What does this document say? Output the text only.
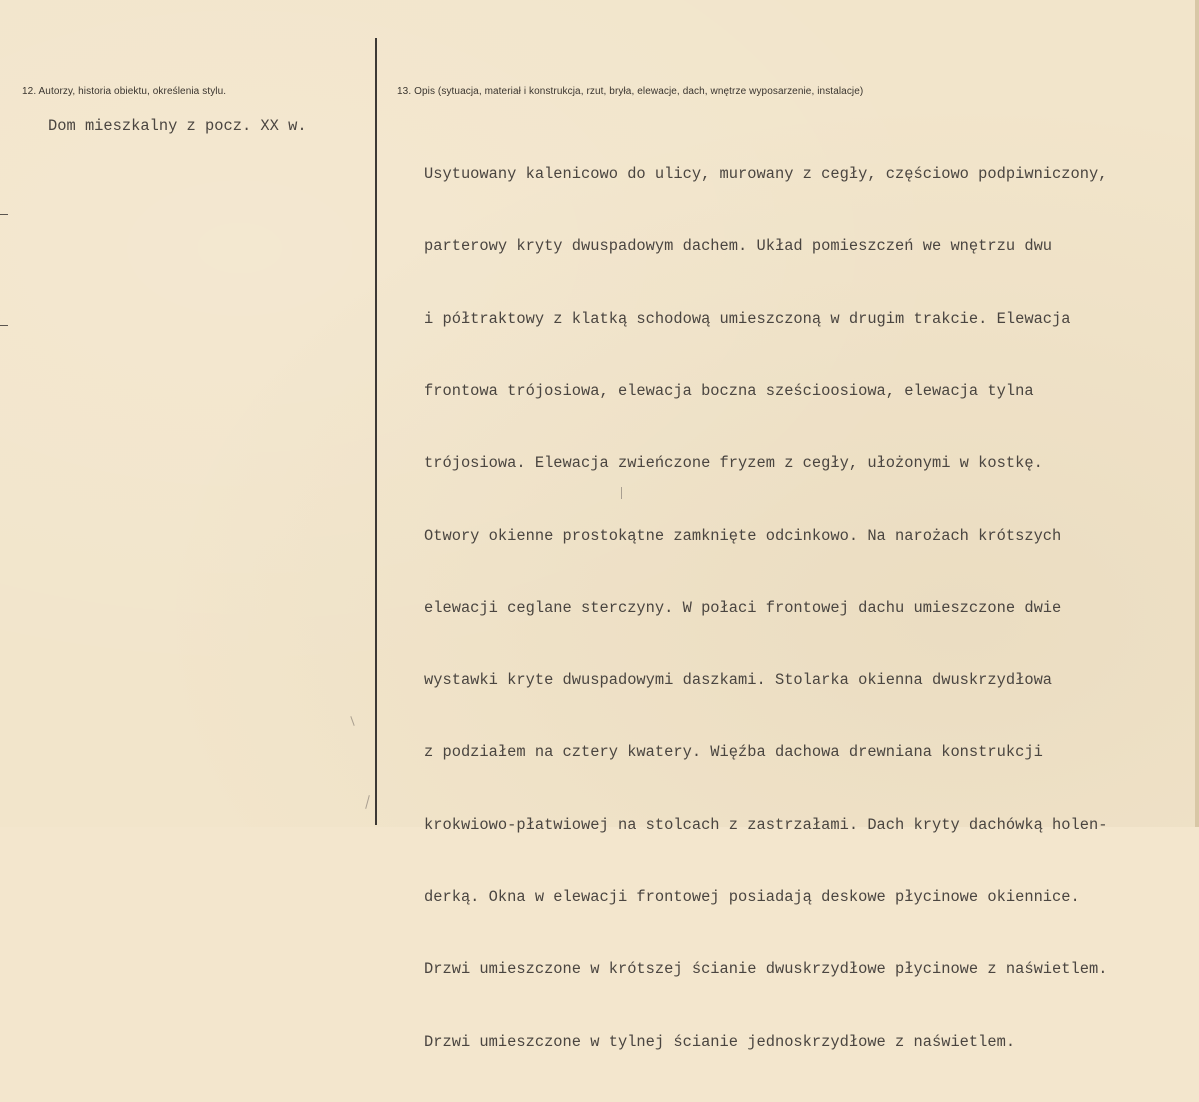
12. Autorzy, historia obiektu, określenia stylu.
Dom mieszkalny z pocz. XX w.
13. Opis (sytuacja, materiał i konstrukcja, rzut, bryła, elewacje, dach, wnętrze wyposarzenie, instalacje)

Usytuowany kalenicowo do ulicy, murowany z cegły, częściowo podpiwniczony,

parterowy kryty dwuspadowym dachem. Układ pomieszczeń we wnętrzu dwu

i półtraktowy z klatką schodową umieszczoną w drugim trakcie. Elewacja

frontowa trójosiowa, elewacja boczna sześcioosiowa, elewacja tylna

trójosiowa. Elewacja zwieńczone fryzem z cegły, ułożonymi w kostkę.

Otwory okienne prostokątne zamknięte odcinkowo. Na narożach krótszych

elewacji ceglane sterczyny. W połaci frontowej dachu umieszczone dwie

wystawki kryte dwuspadowymi daszkami. Stolarka okienna dwuskrzydłowa

z podziałem na cztery kwatery. Więźba dachowa drewniana konstrukcji

krokwiowo-płatwiowej na stolcach z zastrzałami. Dach kryty dachówką holen-

derką. Okna w elewacji frontowej posiadają deskowe płycinowe okiennice.

Drzwi umieszczone w krótszej ścianie dwuskrzydłowe płycinowe z naświetlem.

Drzwi umieszczone w tylnej ścianie jednoskrzydłowe z naświetlem.
